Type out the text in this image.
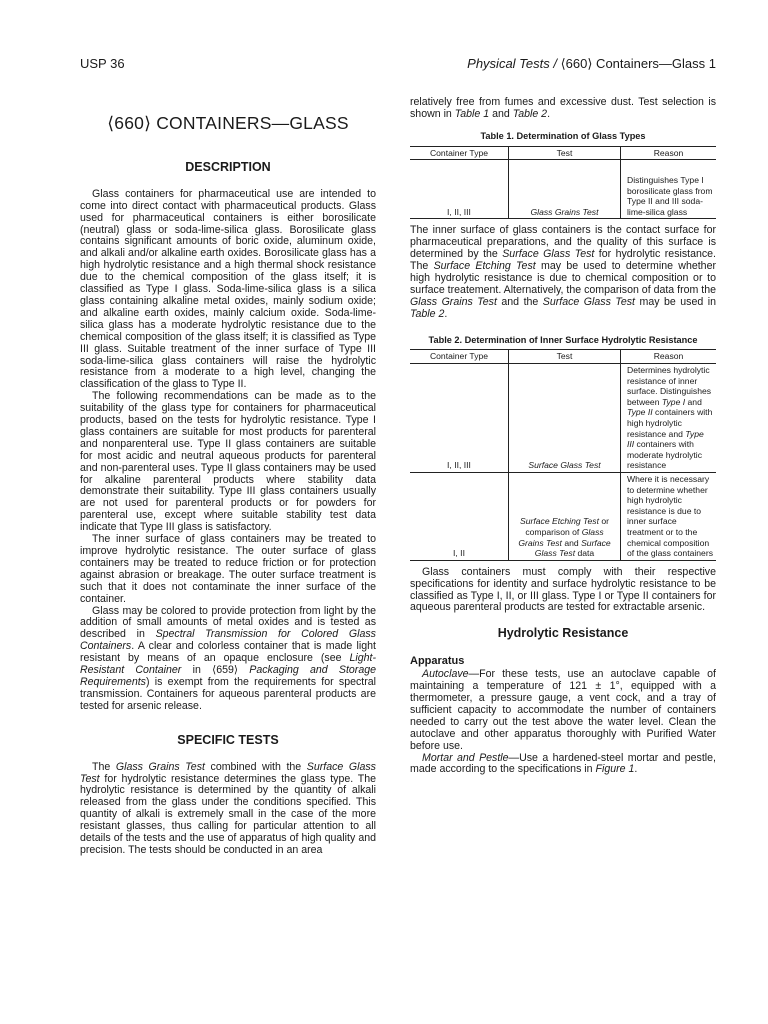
USP 36	Physical Tests / ⟨660⟩ Containers—Glass 1
⟨660⟩ CONTAINERS—GLASS
DESCRIPTION

Glass containers for pharmaceutical use are intended to come into direct contact with pharmaceutical products. Glass used for pharmaceutical containers is either borosilicate (neutral) glass or soda-lime-silica glass. Borosilicate glass contains significant amounts of boric oxide, aluminum oxide, and alkali and/or alkaline earth oxides. Borosilicate glass has a high hydrolytic resistance and a high thermal shock resistance due to the chemical composition of the glass itself; it is classified as Type I glass. Soda-lime-silica glass is a silica glass containing alkaline metal oxides, mainly sodium oxide; and alkaline earth oxides, mainly calcium oxide. Soda-lime-silica glass has a moderate hydrolytic resistance due to the chemical composition of the glass itself; it is classified as Type III glass. Suitable treatment of the inner surface of Type III soda-lime-silica glass containers will raise the hydrolytic resistance from a moderate to a high level, changing the classification of the glass to Type II.

The following recommendations can be made as to the suitability of the glass type for containers for pharmaceutical products, based on the tests for hydrolytic resistance. Type I glass containers are suitable for most products for parenteral and nonparenteral use. Type II glass containers are suitable for most acidic and neutral aqueous products for parenteral and non-parenteral uses. Type II glass containers may be used for alkaline parenteral products where stability data demonstrate their suitability. Type III glass containers usually are not used for parenteral products or for powders for parenteral use, except where suitable stability test data indicate that Type III glass is satisfactory.

The inner surface of glass containers may be treated to improve hydrolytic resistance. The outer surface of glass containers may be treated to reduce friction or for protection against abrasion or breakage. The outer surface treatment is such that it does not contaminate the inner surface of the container.

Glass may be colored to provide protection from light by the addition of small amounts of metal oxides and is tested as described in Spectral Transmission for Colored Glass Containers. A clear and colorless container that is made light resistant by means of an opaque enclosure (see Light-Resistant Container in ⟨659⟩ Packaging and Storage Requirements) is exempt from the requirements for spectral transmission. Containers for aqueous parenteral products are tested for arsenic release.

SPECIFIC TESTS

The Glass Grains Test combined with the Surface Glass Test for hydrolytic resistance determines the glass type. The hydrolytic resistance is determined by the quantity of alkali released from the glass under the conditions specified. This quantity of alkali is extremely small in the case of the more resistant glasses, thus calling for particular attention to all details of the tests and the use of apparatus of high quality and precision. The tests should be conducted in an area

relatively free from fumes and excessive dust. Test selection is shown in Table 1 and Table 2.

Table 1. Determination of Glass Types
Container Type	Test	Reason
I, II, III	Glass Grains Test	Distinguishes Type I borosilicate glass from Type II and III soda-lime-silica glass

The inner surface of glass containers is the contact surface for pharmaceutical preparations, and the quality of this surface is determined by the Surface Glass Test for hydrolytic resistance. The Surface Etching Test may be used to determine whether high hydrolytic resistance is due to chemical composition or to surface treatement. Alternatively, the comparison of data from the Glass Grains Test and the Surface Glass Test may be used in Table 2.

Table 2. Determination of Inner Surface Hydrolytic Resistance
Container Type	Test	Reason
I, II, III	Surface Glass Test	Determines hydrolytic resistance of inner surface. Distinguishes between Type I and Type II containers with high hydrolytic resistance and Type III containers with moderate hydrolytic resistance
I, II	Surface Etching Test or comparison of Glass Grains Test and Surface Glass Test data	Where it is necessary to determine whether high hydrolytic resistance is due to inner surface treatment or to the chemical composition of the glass containers

Glass containers must comply with their respective specifications for identity and surface hydrolytic resistance to be classified as Type I, II, or III glass. Type I or Type II containers for aqueous parenteral products are tested for extractable arsenic.

Hydrolytic Resistance
Apparatus

Autoclave—For these tests, use an autoclave capable of maintaining a temperature of 121 ± 1°, equipped with a thermometer, a pressure gauge, a vent cock, and a tray of sufficient capacity to accommodate the number of containers needed to carry out the test above the water level. Clean the autoclave and other apparatus thoroughly with Purified Water before use.

Mortar and Pestle—Use a hardened-steel mortar and pestle, made according to the specifications in Figure 1.
